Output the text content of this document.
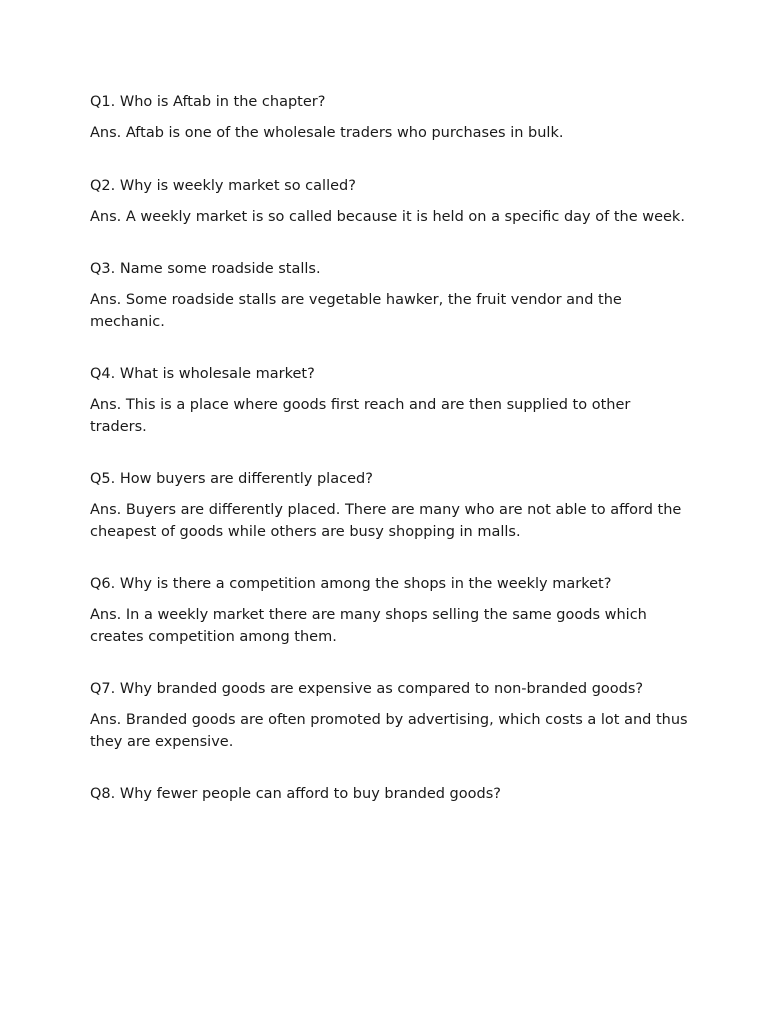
Q1. Who is Aftab in the chapter?

Ans. Aftab is one of the wholesale traders who purchases in bulk.

Q2. Why is weekly market so called?

Ans. A weekly market is so called because it is held on a specific day of the week.

Q3. Name some roadside stalls.

Ans. Some roadside stalls are vegetable hawker, the fruit vendor and the mechanic.

Q4. What is wholesale market?

Ans. This is a place where goods first reach and are then supplied to other traders.

Q5. How buyers are differently placed?

Ans. Buyers are differently placed. There are many who are not able to afford the cheapest of goods while others are busy shopping in malls.

Q6. Why is there a competition among the shops in the weekly market?

Ans. In a weekly market there are many shops selling the same goods which creates competition among them.

Q7. Why branded goods are expensive as compared to non-branded goods?

Ans. Branded goods are often promoted by advertising, which costs a lot and thus they are expensive.

Q8. Why fewer people can afford to buy branded goods?
